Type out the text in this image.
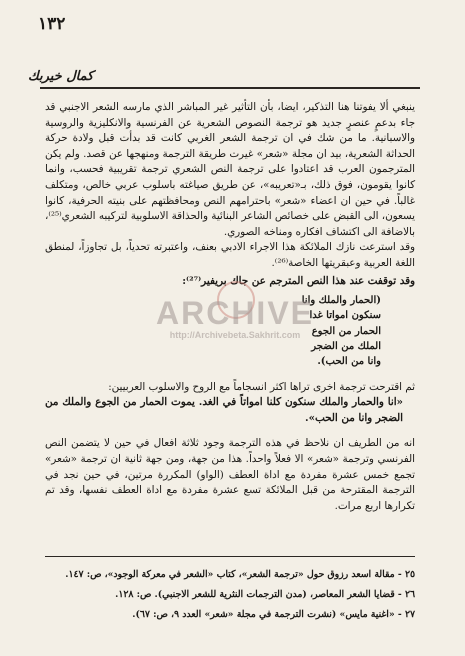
١٣٢
كمال خيربك

ينبغي ألا يفوتنا هنا التذكير، ايضا، بأن التأثير غير المباشر الذي مارسه الشعر الاجنبي قد جاء بدعمٍ عنصرٍ جديد هو ترجمة النصوص الشعرية عن الفرنسية والانكليزية والروسية والاسبانية. ما من شك في ان ترجمة الشعر الغربي كانت قد بدأت قبل ولادة حركة الحداثة الشعرية، بيد ان مجلة «شعر» غيرت طريقة الترجمة ومنهجها عن قصد. ولم يكن المترجمون العرب قد اعتادوا على ترجمة النص الشعري ترجمة تقريبية فحسب، وانما كانوا يقومون، فوق ذلك، بـ«تعريبه»، عن طريق صياغته باسلوب عربي خالص، ومتكلف غالباً. في حين ان اعضاء «شعر» باحترامهم النص ومحافظتهم على بنيته الحرفية، كانوا يسعون، الى القبض على خصائص الشاعر البنائية والحذاقة الاسلوبية لتركيبه الشعري⁽²⁵⁾، بالاضافة الى اكتشاف افكاره ومناخه الصوري.

وقد استرعت نازك الملائكة هذا الاجراء الادبي بعنف، واعتبرته تحدياً، بل تجاوزاً، لمنطق اللغة العربية وعبقريتها الخاصة⁽²⁶⁾.

وقد توقفت عند هذا النص المترجم عن جاك بريفير⁽²⁷⁾:

(الحمار والملك وانا
سنكون امواتا غدا
الحمار من الجوع
الملك من الضجر
وانا من الحب).

ثم اقترحت ترجمة اخرى تراها اكثر انسجاماً مع الروح والاسلوب العربيين:

«انا والحمار والملك سنكون كلنا امواتاً في الغد. يموت الحمار من الجوع والملك من الضجر وانا من الحب».

انه من الطريف ان نلاحظ في هذه الترجمة وجود ثلاثة افعال في حين لا يتضمن النص الفرنسي وترجمة «شعر» الا فعلاً واحداً. هذا من جهة، ومن جهة ثانية ان ترجمة «شعر» تجمع خمس عشرة مفردة مع اداة العطف (الواو) المكررة مرتين، في حين نجد في الترجمة المقترحة من قبل الملائكة تسع عشرة مفردة مع اداة العطف نفسها، وقد تم تكرارها اربع مرات.

ARCHIVE
http://Archivebeta.Sakhrit.com
٢٥ - مقالة اسعد رزوق حول «ترجمة الشعر»، كتاب «الشعر في معركة الوجود»، ص: ١٤٧.
٢٦ - قضايا الشعر المعاصر، (مدن الترجمات النثرية للشعر الاجنبي). ص: ١٢٨.
٢٧ - «اغنية مايس» (نشرت الترجمة في مجلة «شعر» العدد ٩، ص: ٦٧).
